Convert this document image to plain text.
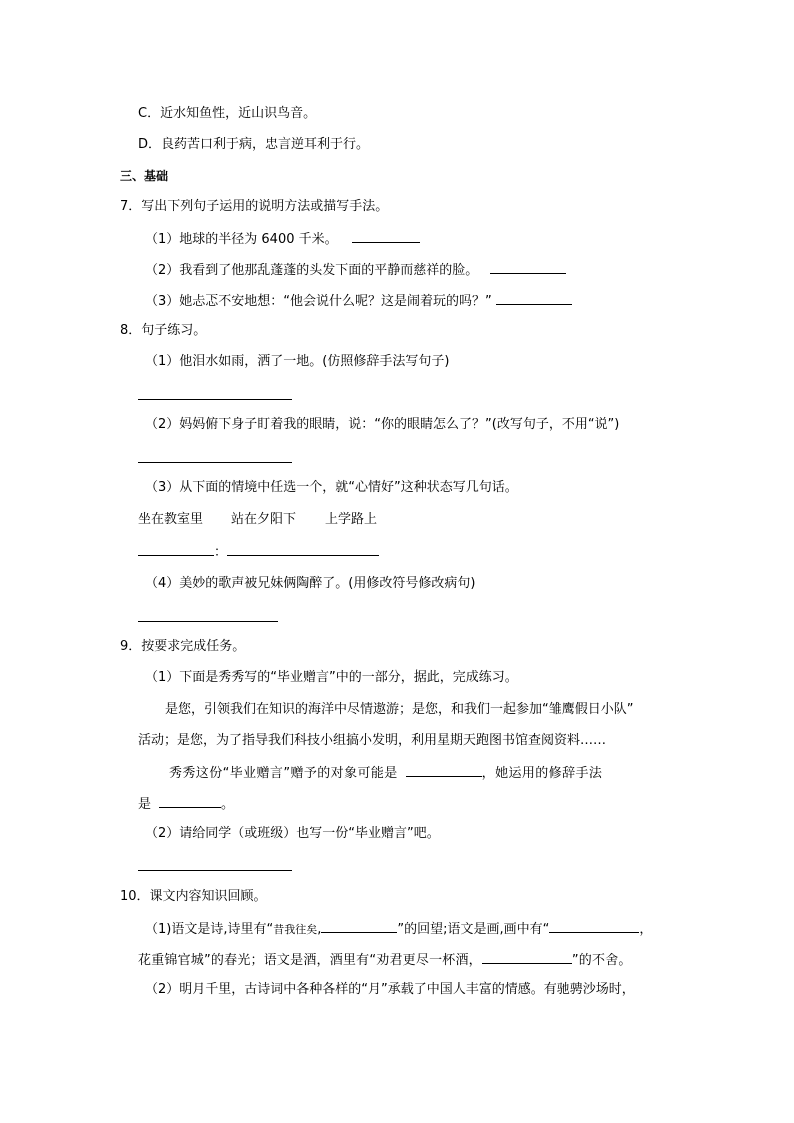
C．近水知鱼性，近山识鸟音。
D．良药苦口利于病，忠言逆耳利于行。
三、基础
7．写出下列句子运用的说明方法或描写手法。
（1）地球的半径为 6400 千米。
（2）我看到了他那乱蓬蓬的头发下面的平静而慈祥的脸。
（3）她忐忑不安地想：“他会说什么呢？这是闹着玩的吗？”
8．句子练习。
（1）他泪水如雨，洒了一地。(仿照修辞手法写句子)
（2）妈妈俯下身子盯着我的眼睛，说：“你的眼睛怎么了？”(改写句子，不用“说”)
（3）从下面的情境中任选一个，就“心情好”这种状态写几句话。
坐在教室里 站在夕阳下 上学路上
：
（4）美妙的歌声被兄妹俩陶醉了。(用修改符号修改病句)
9．按要求完成任务。
（1）下面是秀秀写的“毕业赠言”中的一部分，据此，完成练习。
是您，引领我们在知识的海洋中尽情遨游；是您，和我们一起参加“雏鹰假日小队”
活动；是您，为了指导我们科技小组搞小发明，利用星期天跑图书馆查阅资料……
秀秀这份“毕业赠言”赠予的对象可能是	，她运用的修辞手法
是	。
（2）请给同学（或班级）也写一份“毕业赠言”吧。
10．课文内容知识回顾。
（1)语文是诗,诗里有“昔我往矣,	”的回望;语文是画,画中有“	，
花重锦官城”的春光；语文是酒，酒里有“劝君更尽一杯酒，	”的不舍。
（2）明月千里，古诗词中各种各样的“月”承载了中国人丰富的情感。有驰骋沙场时，
